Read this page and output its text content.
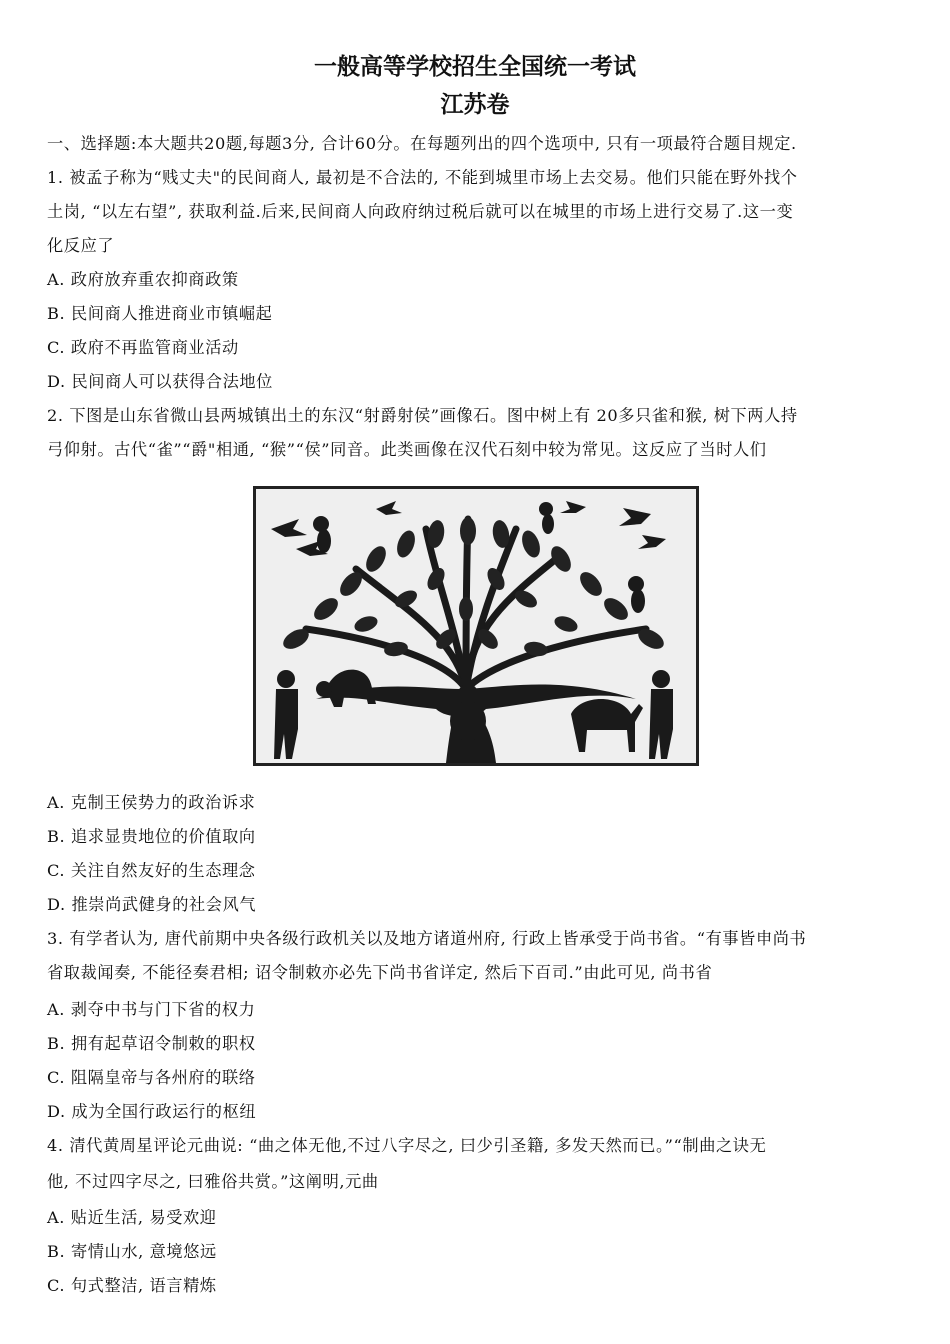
一般高等学校招生全国统一考试
江苏卷
一、选择题:本大题共20题,每题3分, 合计60分。在每题列出的四个选项中, 只有一项最符合题目规定.
1. 被孟子称为“贱丈夫"的民间商人, 最初是不合法的, 不能到城里市场上去交易。他们只能在野外找个
土岗, “以左右望”, 获取利益.后来,民间商人向政府纳过税后就可以在城里的市场上进行交易了.这一变
化反应了
A. 政府放弃重农抑商政策
B. 民间商人推进商业市镇崛起
C. 政府不再监管商业活动
D. 民间商人可以获得合法地位
2. 下图是山东省微山县两城镇出土的东汉“射爵射侯”画像石。图中树上有 20多只雀和猴, 树下两人持
弓仰射。古代“雀”“爵"相通, “猴”“侯”同音。此类画像在汉代石刻中较为常见。这反应了当时人们
A. 克制王侯势力的政治诉求
B. 追求显贵地位的价值取向
C. 关注自然友好的生态理念
D. 推崇尚武健身的社会风气
3. 有学者认为, 唐代前期中央各级行政机关以及地方诸道州府, 行政上皆承受于尚书省。“有事皆申尚书
省取裁闻奏, 不能径奏君相; 诏令制敕亦必先下尚书省详定, 然后下百司.”由此可见, 尚书省
A. 剥夺中书与门下省的权力
B. 拥有起草诏令制敕的职权
C. 阻隔皇帝与各州府的联络
D. 成为全国行政运行的枢纽
4. 清代黄周星评论元曲说: “曲之体无他,不过八字尽之, 曰少引圣籍, 多发天然而已。”“制曲之诀无
他, 不过四字尽之, 曰雅俗共赏。”这阐明,元曲
A. 贴近生活, 易受欢迎
B. 寄情山水, 意境悠远
C. 句式整洁, 语言精炼
